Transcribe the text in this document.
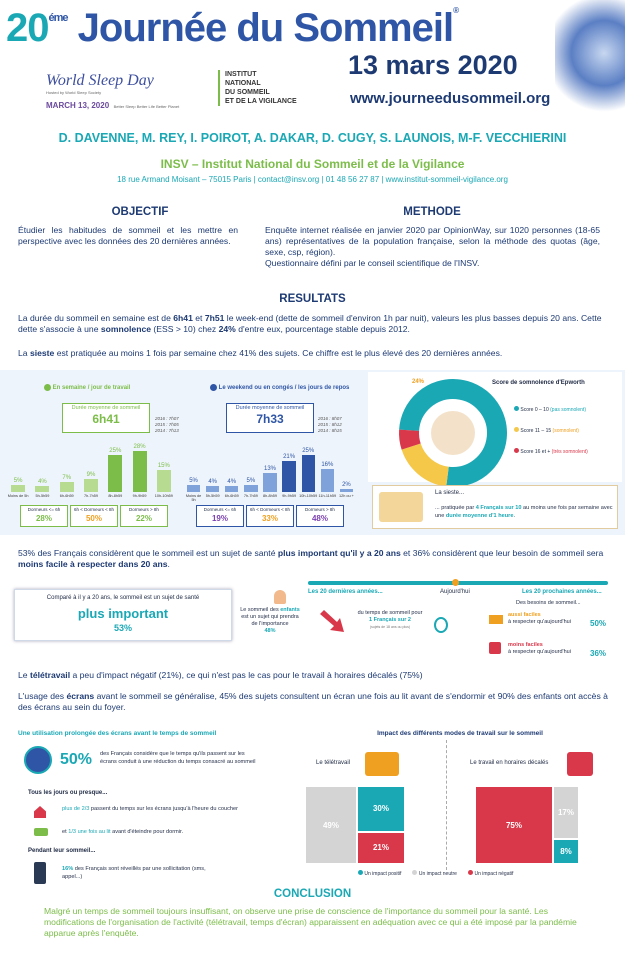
$20^{éme}$ Journée du Sommeil®
13 mars 2020
www.journeedusommeil.org
World Sleep Day
Hosted by World Sleep Society
MARCH 13, 2020 Better Sleep Better Life Better Planet
INSTITUT
NATIONAL
DU SOMMEIL
ET DE LA VIGILANCE
D. DAVENNE, M. REY, I. POIROT, A. DAKAR, D. CUGY, S. LAUNOIS, M-F. VECCHIERINI
INSV – Institut National du Sommeil et de la Vigilance
18 rue Armand Moisant – 75015 Paris | contact@insv.org | 01 48 56 27 87 | www.institut-sommeil-vigilance.org
OBJECTIF
Étudier les habitudes de sommeil et les mettre en perspective avec les données des 20 dernières années.
METHODE
Enquête internet réalisée en janvier 2020 par OpinionWay, sur 1020 personnes (18-65 ans) représentatives de la population française, selon la méthode des quotas (âge, sexe, csp, région).
Questionnaire défini par le conseil scientifique de l'INSV.
RESULTATS
La durée du sommeil en semaine est de 6h41 et 7h51 le week-end (dette de sommeil d'environ 1h par nuit), valeurs les plus basses depuis 20 ans. Cette dette s'associe à une somnolence (ESS > 10) chez 24% d'entre eux, pourcentage stable depuis 2012.
La sieste est pratiquée au moins 1 fois par semaine chez 41% des sujets. Ce chiffre est le plus élevé des 20 dernières années.
En semaine / jour de travail
Durée moyenne de sommeil
6h41	2016 : 7h07
2015 : 7h05
2014 : 7h13
5%	4%
7%	9%
25%
28%
15%
Moins de 5h	5h-5h59	6h-6h59	7h-7h59	8h-8h59	9h-9h59	10h-10h59
Dormeurs <= 6h
28%
6h < Dormeurs < 8h
50%
Dormeurs > 8h
22%
Le weekend ou en congés / les jours de repos
Durée moyenne de sommeil
7h33	2016 : 8h07
2015 : 8h12
2014 : 8h15
5%	4%	4%	5%
13%
21%
25%
16%
2%
Moins de 5h
5h-5h59	6h-6h59	7h-7h59	8h-8h59	9h-9h59 10h-10h59 11h-11h59 12h ou +
Dormeurs <= 6h
19%
6h < Dormeurs < 8h
33%
Dormeurs > 8h
48%
24%	Score de somnolence d'Epworth
Score 0 – 10 (pas somnolent)
Score 11 – 15 (somnolent)
Score 16 et + (très somnolent)
La sieste...
... pratiquée par 4 Français sur 10 au moins une fois par semaine avec une durée moyenne d'1 heure.
53% des Français considèrent que le sommeil est un sujet de santé plus important qu'il y a 20 ans et 36% considèrent que leur besoin de sommeil sera moins facile à respecter dans 20 ans.
Comparé à il y a 20 ans, le sommeil est un sujet de santé
plus important
53%
Le sommeil des enfants est un sujet qui prendra de l'importance
48%
Les 20 dernières années...	Aujourd'hui	Les 20 prochaines années...
du temps de sommeil pour
1 Français sur 2
(sujets de 18 ans ou plus)
Des besoins de sommeil...
aussi faciles
à respecter qu'aujourd'hui 50%
moins faciles
à respecter qu'aujourd'hui 36%
Le télétravail a peu d'impact négatif (21%), ce qui n'est pas le cas pour le travail à horaires décalés (75%)
L'usage des écrans avant le sommeil se généralise, 45% des sujets consultent un écran une fois au lit avant de s'endormir et 90% des enfants ont accès à des écrans au sein du foyer.
Une utilisation prolongée des écrans avant le temps de sommeil
50% des Français considère que le temps qu'ils passent sur les écrans conduit à une réduction du temps consacré au sommeil
Tous les jours ou presque...
plus de 2/3 passent du temps sur les écrans jusqu'à l'heure du coucher
et 1/3 une fois au lit avant d'éteindre pour dormir.
Pendant leur sommeil...
16% des Français sont réveillés par une sollicitation (sms, appel...)
Impact des différents modes de travail sur le sommeil
Le télétravail	Le travail en horaires décalés
49%
30%
21%
75%
17%
8%
Un impact positif	Un impact neutre	Un impact négatif
CONCLUSION
Malgré un temps de sommeil toujours insuffisant, on observe une prise de conscience de l'importance du sommeil pour la santé. Les modifications de l'organisation de l'activité (télétravail, temps d'écran) apparaissent en adéquation avec ce qui a été imposé par la pandémie apparue après l'enquête.
